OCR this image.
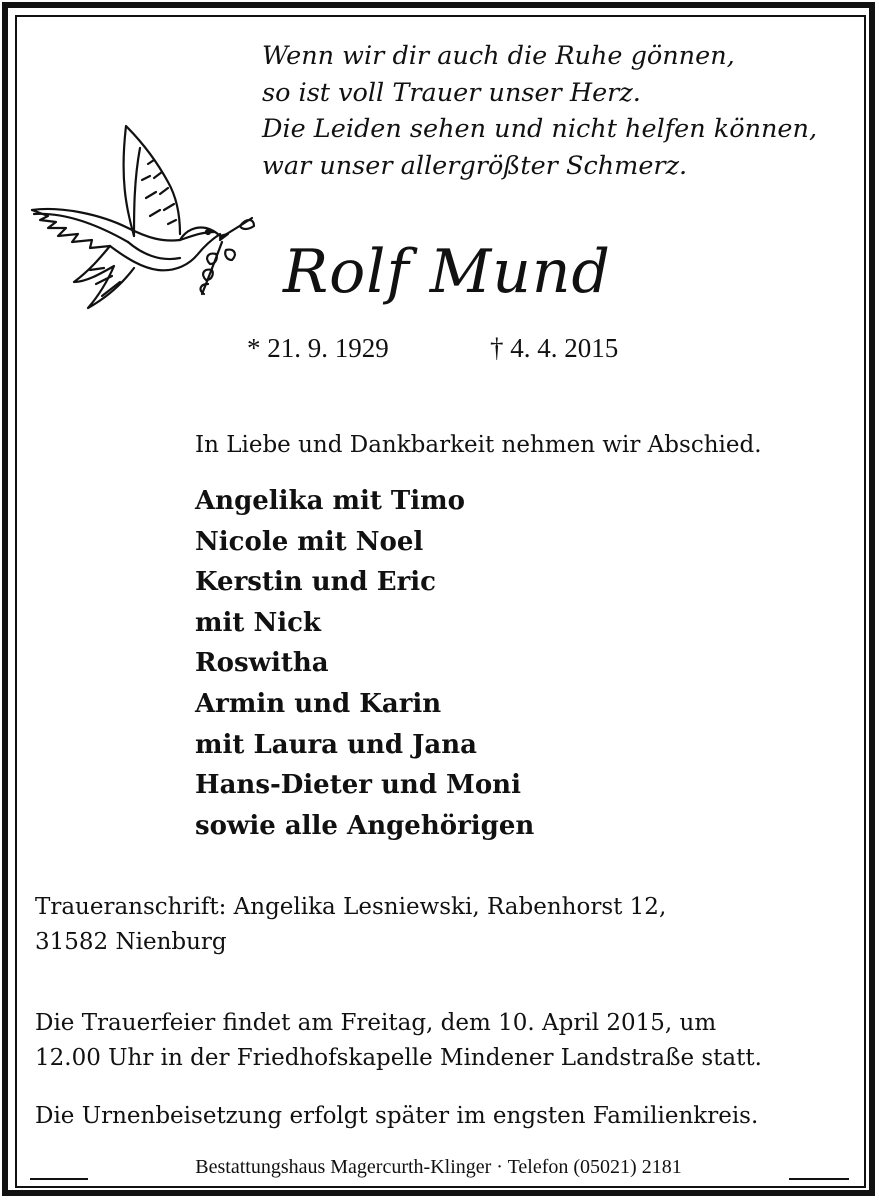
Wenn wir dir auch die Ruhe gönnen,
so ist voll Trauer unser Herz.
Die Leiden sehen und nicht helfen können,
war unser allergrößter Schmerz.
Rolf Mund
* 21. 9. 1929	† 4. 4. 2015
In Liebe und Dankbarkeit nehmen wir Abschied.
Angelika mit Timo
Nicole mit Noel
Kerstin und Eric
mit Nick
Roswitha
Armin und Karin
mit Laura und Jana
Hans-Dieter und Moni
sowie alle Angehörigen
Traueranschrift: Angelika Lesniewski, Rabenhorst 12,
31582 Nienburg
Die Trauerfeier findet am Freitag, dem 10. April 2015, um
12.00 Uhr in der Friedhofskapelle Mindener Landstraße statt.
Die Urnenbeisetzung erfolgt später im engsten Familienkreis.
Bestattungshaus Magercurth-Klinger · Telefon (05021) 2181
